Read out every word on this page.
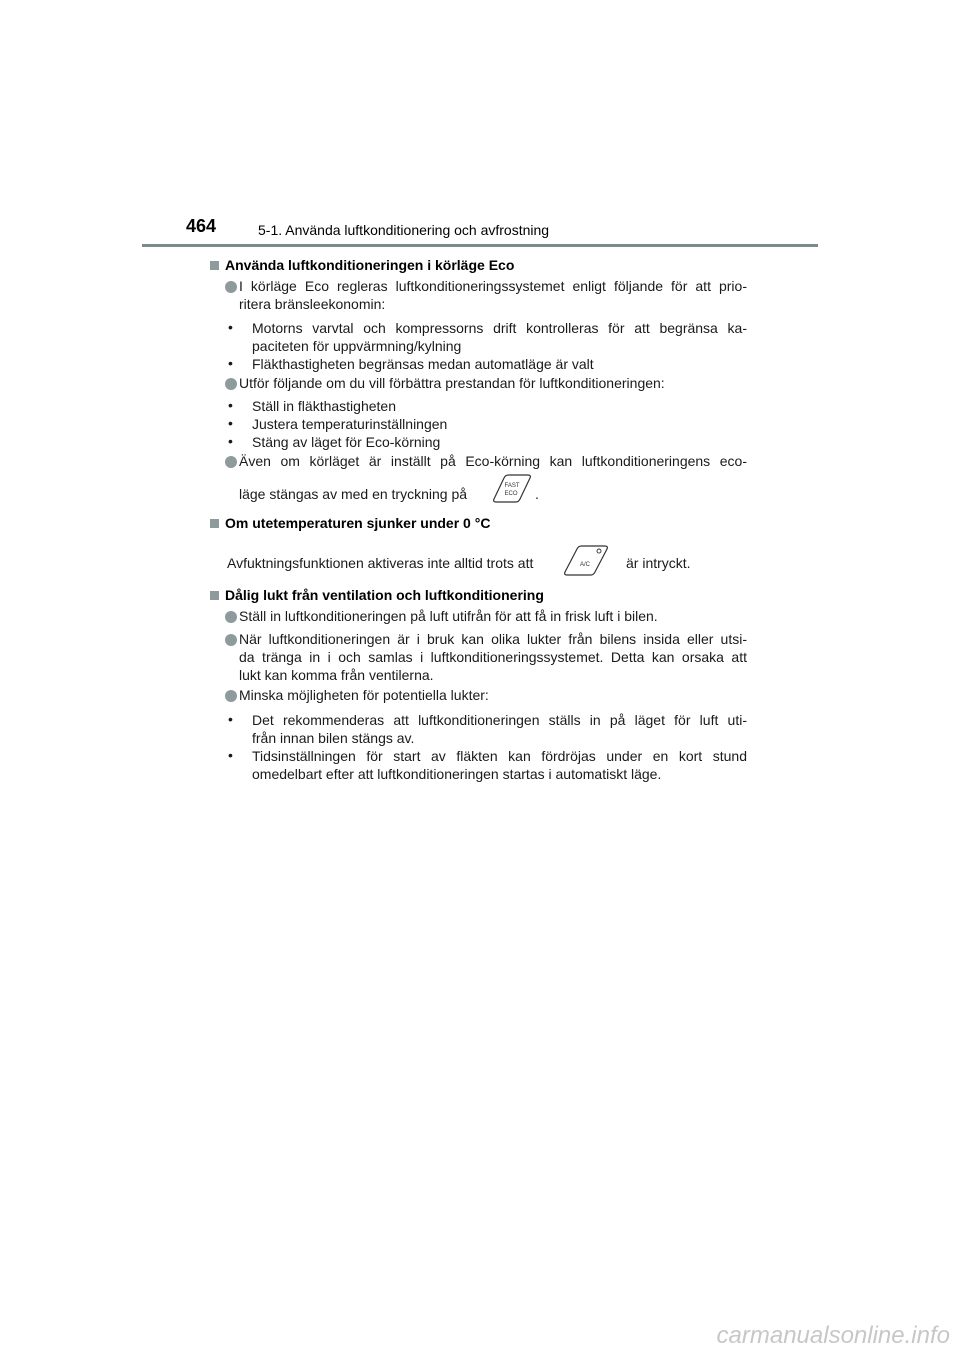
464	5-1. Använda luftkonditionering och avfrostning
Använda luftkonditioneringen i körläge Eco
I körläge Eco regleras luftkonditioneringssystemet enligt följande för att prio-
ritera bränsleekonomin:
• Motorns varvtal och kompressorns drift kontrolleras för att begränsa ka-
paciteten för uppvärmning/kylning
• Fläkthastigheten begränsas medan automatläge är valt
Utför följande om du vill förbättra prestandan för luftkonditioneringen:
• Ställ in fläkthastigheten
• Justera temperaturinställningen
• Stäng av läget för Eco-körning
Även om körläget är inställt på Eco-körning kan luftkonditioneringens eco-
läge stängas av med en tryckning på	FAST
ECO .
Om utetemperaturen sjunker under 0 °C
Avfuktningsfunktionen aktiveras inte alltid trots att	A/C	är intryckt.
Dålig lukt från ventilation och luftkonditionering
Ställ in luftkonditioneringen på luft utifrån för att få in frisk luft i bilen.
När luftkonditioneringen är i bruk kan olika lukter från bilens insida eller utsi-
da tränga in i och samlas i luftkonditioneringssystemet. Detta kan orsaka att
lukt kan komma från ventilerna.
Minska möjligheten för potentiella lukter:
• Det rekommenderas att luftkonditioneringen ställs in på läget för luft uti-
från innan bilen stängs av.
• Tidsinställningen för start av fläkten kan fördröjas under en kort stund
omedelbart efter att luftkonditioneringen startas i automatiskt läge.
carmanualsonline.info
